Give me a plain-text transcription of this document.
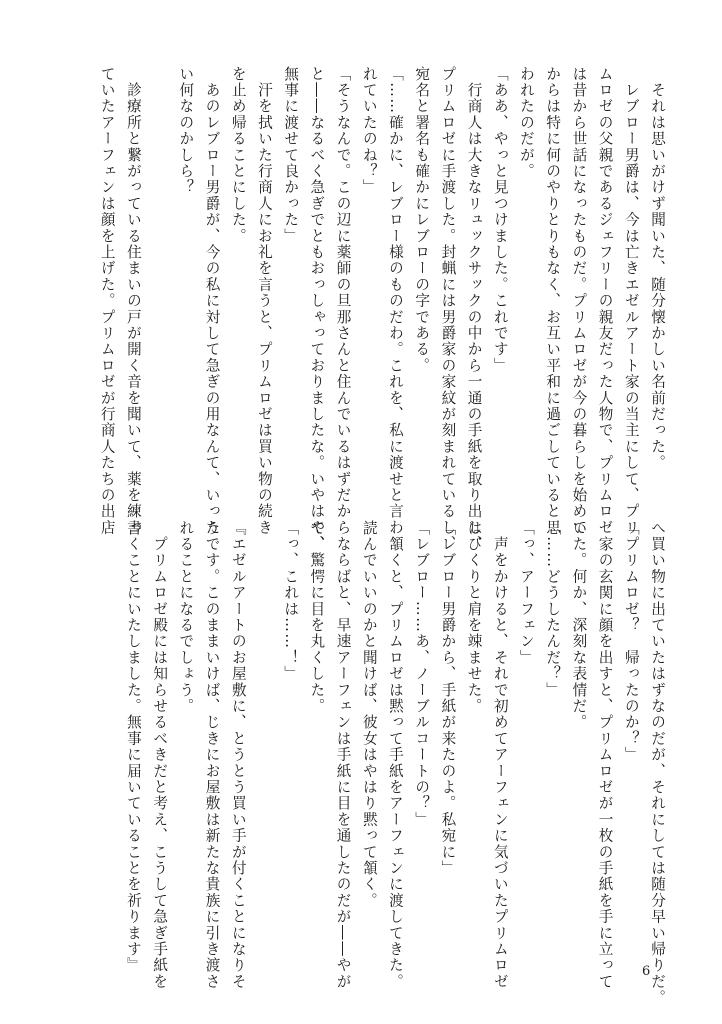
　それは思いがけず聞いた、随分懐かしい名前だった。
　レブロー男爵は、今は亡きエゼルアート家の当主にして、プリ
ムロゼの父親であるジェフリーの親友だった人物で、プリムロゼ
は昔から世話になったものだ。プリムロゼが今の暮らしを始めて
からは特に何のやりとりもなく、お互い平和に過ごしていると思
われたのだが。
「ああ、やっと見つけました。これです」
　行商人は大きなリュックサックの中から一通の手紙を取り出し、
プリムロゼに手渡した。封蝋には男爵家の家紋が刻まれているし、
宛名と署名も確かにレブローの字である。
「……確かに、レブロー様のものだわ。これを、私に渡せと言わ
れていたのね？」
「そうなんで。この辺に薬師の旦那さんと住んでいるはずだから
と――なるべく急ぎでともおっしゃっておりましたな。いやはや、
無事に渡せて良かった」
　汗を拭いた行商人にお礼を言うと、プリムロゼは買い物の続き
を止め帰ることにした。
　あのレブロー男爵が、今の私に対して急ぎの用なんて、いった
い何なのかしら？

　診療所と繋がっている住まいの戸が開く音を聞いて、薬を練っ
ていたアーフェンは顔を上げた。プリムロゼが行商人たちの出店
へ買い物に出ていたはずなのだが、それにしては随分早い帰りだ。
「プリムロゼ？　帰ったのか？」
　家の玄関に顔を出すと、プリムロゼが一枚の手紙を手に立って
いた。何か、深刻な表情だ。
「……どうしたんだ？」
「っ、アーフェン」
　声をかけると、それで初めてアーフェンに気づいたプリムロゼ
はびくりと肩を竦ませた。
「レブロー男爵から、手紙が来たのよ。私宛に」
「レブロー……あ、ノーブルコートの？」
　頷くと、プリムロゼは黙って手紙をアーフェンに渡してきた。
読んでいいのかと聞けば、彼女はやはり黙って頷く。
　ならばと、早速アーフェンは手紙に目を通したのだが――やが
て、驚愕に目を丸くした。
「っ、これは……！」

『エゼルアートのお屋敷に、とうとう買い手が付くことになりそ
うです。このままいけば、じきにお屋敷は新たな貴族に引き渡さ
れることになるでしょう。
　プリムロゼ殿には知らせるべきだと考え、こうして急ぎ手紙を
書くことにいたしました。無事に届いていることを祈ります』	6
